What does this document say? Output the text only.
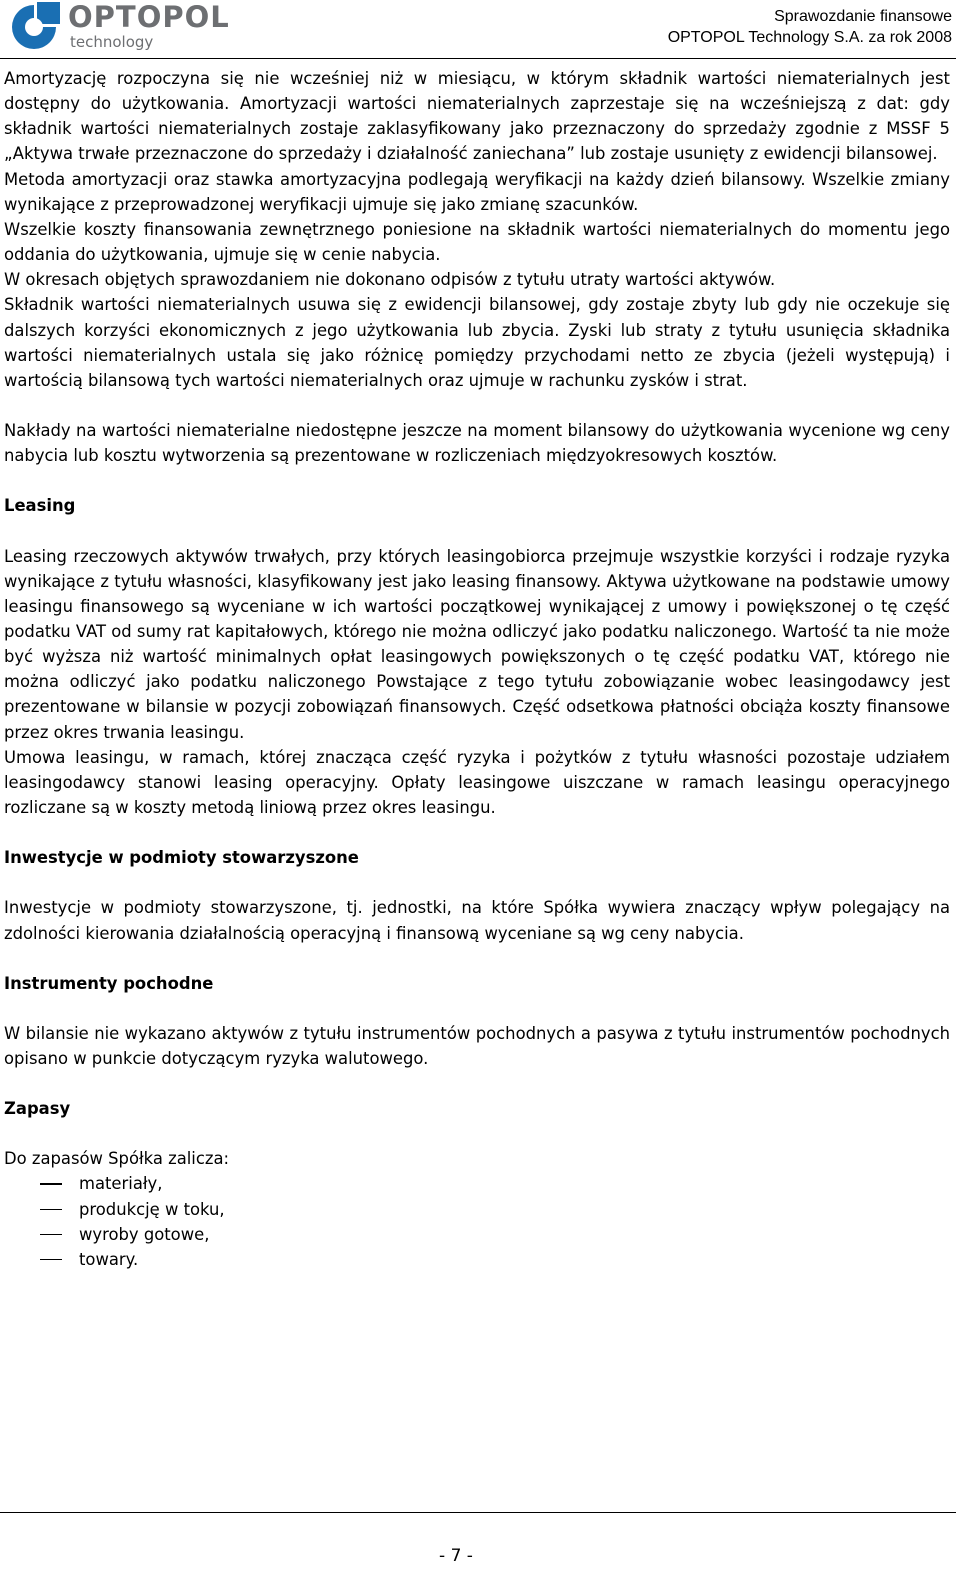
OPTOPOL
technology
Sprawozdanie finansowe
OPTOPOL Technology S.A. za rok 2008

Amortyzację rozpoczyna się nie wcześniej niż w miesiącu, w którym składnik wartości niematerialnych jest dostępny do użytkowania. Amortyzacji wartości niematerialnych zaprzestaje się na wcześniejszą z dat: gdy składnik wartości niematerialnych zostaje zaklasyfikowany jako przeznaczony do sprzedaży zgodnie z MSSF 5 „Aktywa trwałe przeznaczone do sprzedaży i działalność zaniechana” lub zostaje usunięty z ewidencji bilansowej.

Metoda amortyzacji oraz stawka amortyzacyjna podlegają weryfikacji na każdy dzień bilansowy. Wszelkie zmiany wynikające z przeprowadzonej weryfikacji ujmuje się jako zmianę szacunków.

Wszelkie koszty finansowania zewnętrznego poniesione na składnik wartości niematerialnych do momentu jego oddania do użytkowania, ujmuje się w cenie nabycia.

W okresach objętych sprawozdaniem nie dokonano odpisów z tytułu utraty wartości aktywów.

Składnik wartości niematerialnych usuwa się z ewidencji bilansowej, gdy zostaje zbyty lub gdy nie oczekuje się dalszych korzyści ekonomicznych z jego użytkowania lub zbycia. Zyski lub straty z tytułu usunięcia składnika wartości niematerialnych ustala się jako różnicę pomiędzy przychodami netto ze zbycia (jeżeli występują) i wartością bilansową tych wartości niematerialnych oraz ujmuje w rachunku zysków i strat.

Nakłady na wartości niematerialne niedostępne jeszcze na moment bilansowy do użytkowania wycenione wg ceny nabycia lub kosztu wytworzenia są prezentowane w rozliczeniach międzyokresowych kosztów.

Leasing

Leasing rzeczowych aktywów trwałych, przy których leasingobiorca przejmuje wszystkie korzyści i rodzaje ryzyka wynikające z tytułu własności, klasyfikowany jest jako leasing finansowy. Aktywa użytkowane na podstawie umowy leasingu finansowego są wyceniane w ich wartości początkowej wynikającej z umowy i powiększonej o tę część podatku VAT od sumy rat kapitałowych, którego nie można odliczyć jako podatku naliczonego. Wartość ta nie może być wyższa niż wartość minimalnych opłat leasingowych powiększonych o tę część podatku VAT, którego nie można odliczyć jako podatku naliczonego Powstające z tego tytułu zobowiązanie wobec leasingodawcy jest prezentowane w bilansie w pozycji zobowiązań finansowych. Część odsetkowa płatności obciąża koszty finansowe przez okres trwania leasingu.

Umowa leasingu, w ramach, której znacząca część ryzyka i pożytków z tytułu własności pozostaje udziałem leasingodawcy stanowi leasing operacyjny. Opłaty leasingowe uiszczane w ramach leasingu operacyjnego rozliczane są w koszty metodą liniową przez okres leasingu.

Inwestycje w podmioty stowarzyszone

Inwestycje w podmioty stowarzyszone, tj. jednostki, na które Spółka wywiera znaczący wpływ polegający na zdolności kierowania działalnością operacyjną i finansową wyceniane są wg ceny nabycia.

Instrumenty pochodne

W bilansie nie wykazano aktywów z tytułu instrumentów pochodnych a pasywa z tytułu instrumentów pochodnych opisano w punkcie dotyczącym ryzyka walutowego.

Zapasy

Do zapasów Spółka zalicza:

materiały,
produkcję w toku,
wyroby gotowe,
towary.
- 7 -
